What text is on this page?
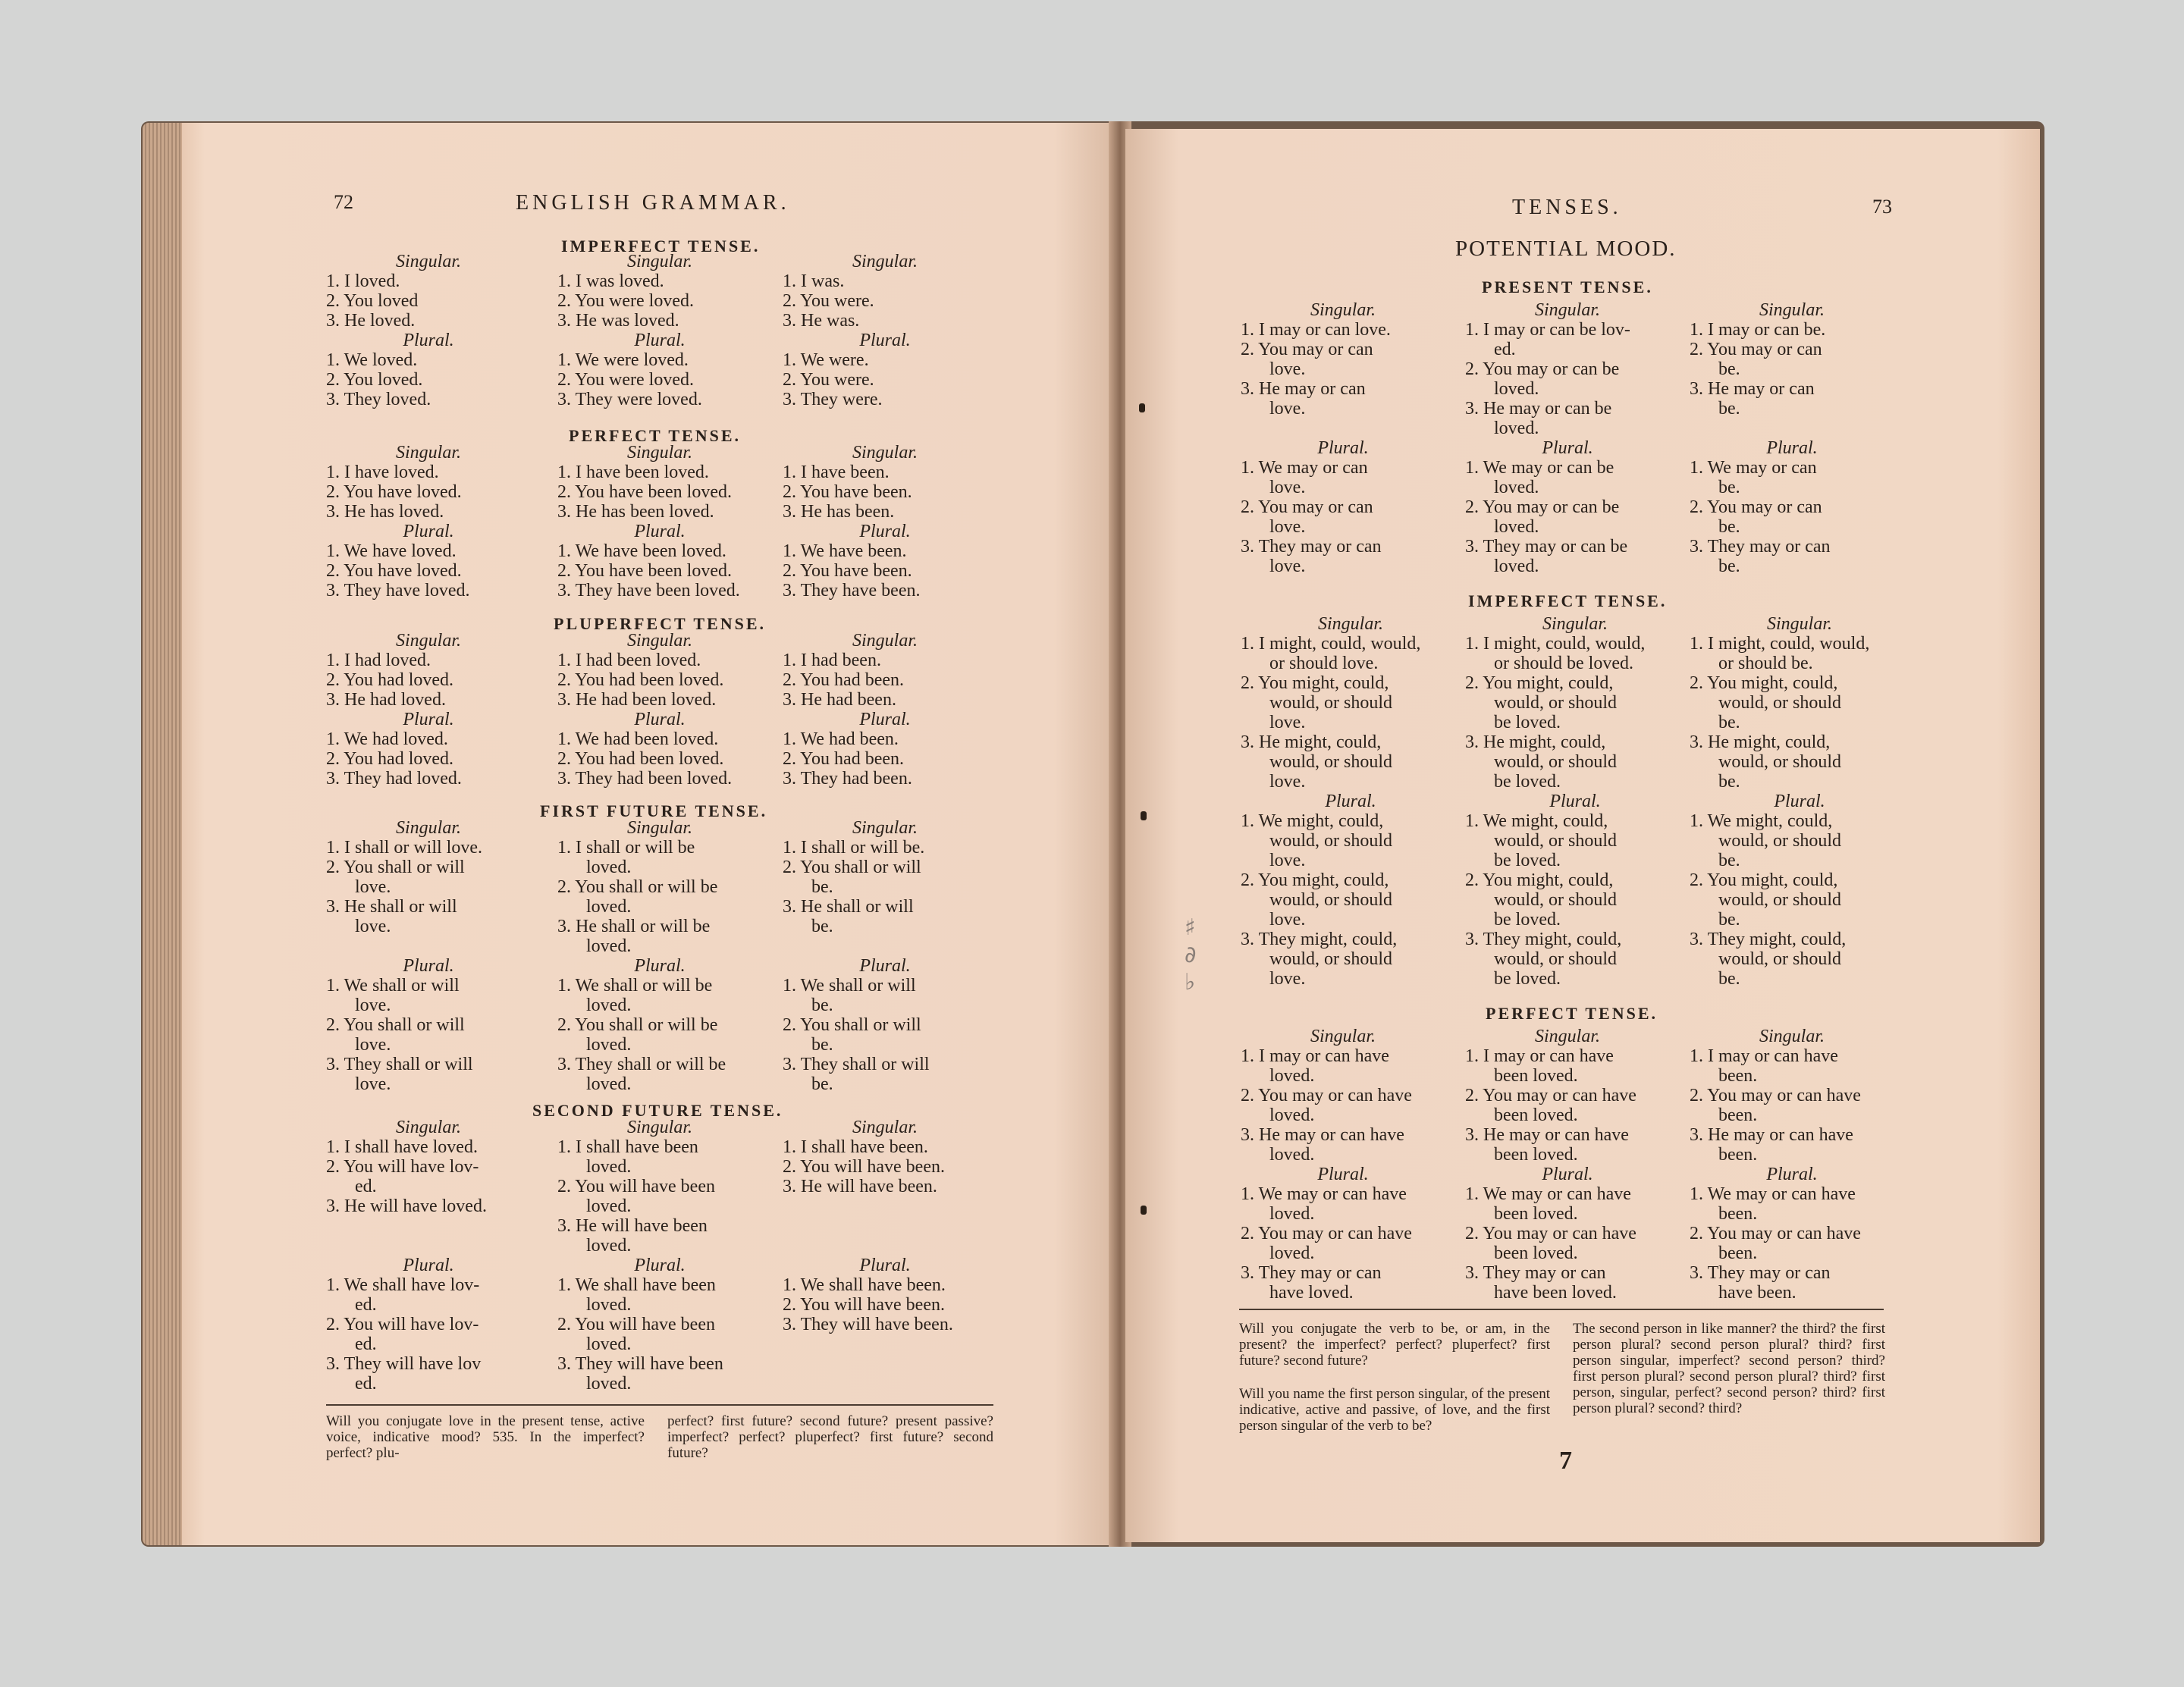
72	ENGLISH GRAMMAR.
IMPERFECT TENSE.
Singular.
1. I loved.
2. You loved
3. He loved.
Plural.
1. We loved.
2. You loved.
3. They loved.
Singular.
1. I was loved.
2. You were loved.
3. He was loved.
Plural.
1. We were loved.
2. You were loved.
3. They were loved.
Singular.
1. I was.
2. You were.
3. He was.
Plural.
1. We were.
2. You were.
3. They were.
PERFECT TENSE.
Singular.
1. I have loved.
2. You have loved.
3. He has loved.
Plural.
1. We have loved.
2. You have loved.
3. They have loved.
Singular.
1. I have been loved.
2. You have been loved.
3. He has been loved.
Plural.
1. We have been loved.
2. You have been loved.
3. They have been loved.
Singular.
1. I have been.
2. You have been.
3. He has been.
Plural.
1. We have been.
2. You have been.
3. They have been.
PLUPERFECT TENSE.
Singular.
1. I had loved.
2. You had loved.
3. He had loved.
Plural.
1. We had loved.
2. You had loved.
3. They had loved.
Singular.
1. I had been loved.
2. You had been loved.
3. He had been loved.
Plural.
1. We had been loved.
2. You had been loved.
3. They had been loved.
Singular.
1. I had been.
2. You had been.
3. He had been.
Plural.
1. We had been.
2. You had been.
3. They had been.
FIRST FUTURE TENSE.
Singular.
1. I shall or will love.
2. You shall or will
love.
3. He shall or will
love.

Plural.
1. We shall or will
love.
2. You shall or will
love.
3. They shall or will
love.
Singular.
1. I shall or will be
loved.
2. You shall or will be
loved.
3. He shall or will be
loved.
Plural.
1. We shall or will be
loved.
2. You shall or will be
loved.
3. They shall or will be
loved.
Singular.
1. I shall or will be.
2. You shall or will
be.
3. He shall or will
be.

Plural.
1. We shall or will
be.
2. You shall or will
be.
3. They shall or will
be.
SECOND FUTURE TENSE.
Singular.
1. I shall have loved.
2. You will have lov-
ed.
3. He will have loved.

Plural.
1. We shall have lov-
ed.
2. You will have lov-
ed.
3. They will have lov
ed.
Singular.
1. I shall have been
loved.
2. You will have been
loved.
3. He will have been
loved.
Plural.
1. We shall have been
loved.
2. You will have been
loved.
3. They will have been
loved.
Singular.
1. I shall have been.
2. You will have been.
3. He will have been.

Plural.
1. We shall have been.
2. You will have been.
3. They will have been.
Will you conjugate love in the present tense, active voice, indicative mood? 535. In the imperfect? perfect? plu-
perfect? first future? second future? present passive? imperfect? perfect? pluperfect? first future? second future?
TENSES.	73
POTENTIAL MOOD.
PRESENT TENSE.
Singular.
1. I may or can love.
2. You may or can
love.
3. He may or can
love.

Plural.
1. We may or can
love.
2. You may or can
love.
3. They may or can
love.
Singular.
1. I may or can be lov-
ed.
2. You may or can be
loved.
3. He may or can be
loved.
Plural.
1. We may or can be
loved.
2. You may or can be
loved.
3. They may or can be
loved.
Singular.
1. I may or can be.
2. You may or can
be.
3. He may or can
be.

Plural.
1. We may or can
be.
2. You may or can
be.
3. They may or can
be.
IMPERFECT TENSE.
Singular.
1. I might, could, would,
or should love.
2. You might, could,
would, or should
love.
3. He might, could,
would, or should
love.
Plural.
1. We might, could,
would, or should
love.
2. You might, could,
would, or should
love.
3. They might, could,
would, or should
love.
Singular.
1. I might, could, would,
or should be loved.
2. You might, could,
would, or should
be loved.
3. He might, could,
would, or should
be loved.
Plural.
1. We might, could,
would, or should
be loved.
2. You might, could,
would, or should
be loved.
3. They might, could,
would, or should
be loved.
Singular.
1. I might, could, would,
or should be.
2. You might, could,
would, or should
be.
3. He might, could,
would, or should
be.
Plural.
1. We might, could,
would, or should
be.
2. You might, could,
would, or should
be.
3. They might, could,
would, or should
be.
PERFECT TENSE.
Singular.
1. I may or can have
loved.
2. You may or can have
loved.
3. He may or can have
loved.
Plural.
1. We may or can have
loved.
2. You may or can have
loved.
3. They may or can
have loved.
Singular.
1. I may or can have
been loved.
2. You may or can have
been loved.
3. He may or can have
been loved.
Plural.
1. We may or can have
been loved.
2. You may or can have
been loved.
3. They may or can
have been loved.
Singular.
1. I may or can have
been.
2. You may or can have
been.
3. He may or can have
been.
Plural.
1. We may or can have
been.
2. You may or can have
been.
3. They may or can
have been.
Will you conjugate the verb to be, or am, in the present? the imperfect? perfect? pluperfect? first future? second future?
Will you name the first person singular, of the present indicative, active and passive, of love, and the first person singular of the verb to be?
The second person in like manner? the third? the first person plural? second person plural? third? first person singular, imperfect? second person? third? first person plural? second person plural? third? first person, singular, perfect? second person? third? first person plural? second? third?
7
♯
∂
♭
